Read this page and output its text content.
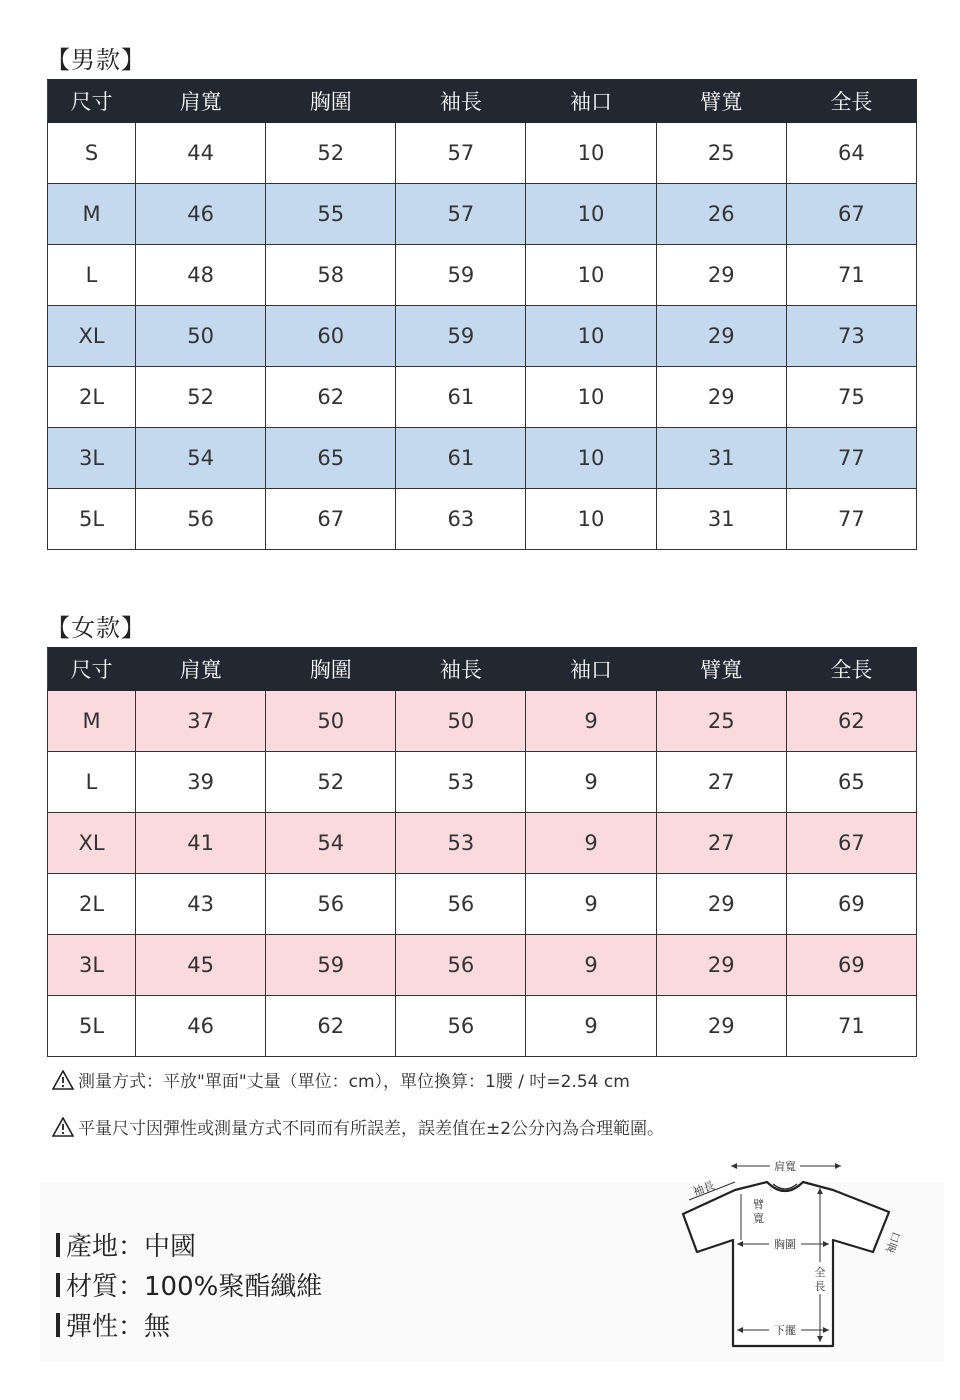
【男款】
尺寸	肩寬	胸圍	袖長	袖口	臂寬	全長
S	44	52	57	10	25	64
M	46	55	57	10	26	67
L	48	58	59	10	29	71
XL	50	60	59	10	29	73
2L	52	62	61	10	29	75
3L	54	65	61	10	31	77
5L	56	67	63	10	31	77
【女款】
尺寸	肩寬	胸圍	袖長	袖口	臂寬	全長
M	37	50	50	9	25	62
L	39	52	53	9	27	65
XL	41	54	53	9	27	67
2L	43	56	56	9	29	69
3L	45	59	56	9	29	69
5L	46	62	56	9	29	71
測量方式：平放"單面"丈量（單位：cm），單位換算：1腰 / 吋=2.54 cm
平量尺寸因彈性或測量方式不同而有所誤差，誤差值在±2公分內為合理範圍。
產地：中國
材質：100%聚酯纖維
彈性：無
肩寬
袖長
臂
寬
胸圍
全
長
下擺
袖口
